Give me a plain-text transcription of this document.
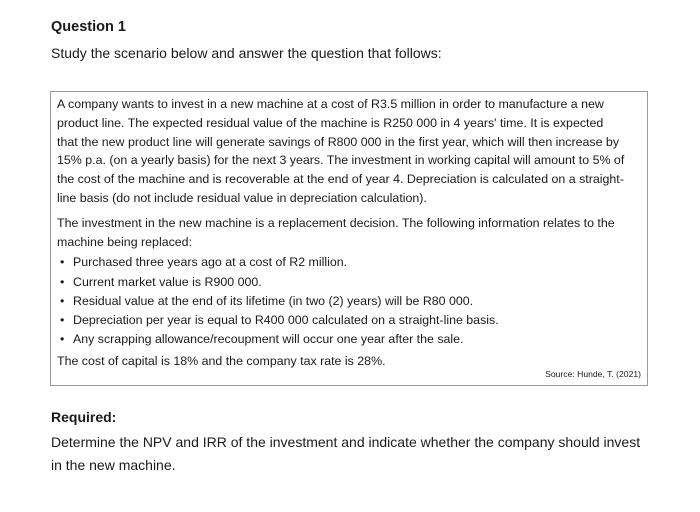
Question 1

Study the scenario below and answer the question that follows:

A company wants to invest in a new machine at a cost of R3.5 million in order to manufacture a new
product line. The expected residual value of the machine is R250 000 in 4 years' time. It is expected
that the new product line will generate savings of R800 000 in the first year, which will then increase by
15% p.a. (on a yearly basis) for the next 3 years. The investment in working capital will amount to 5% of
the cost of the machine and is recoverable at the end of year 4. Depreciation is calculated on a straight-
line basis (do not include residual value in depreciation calculation).

The investment in the new machine is a replacement decision. The following information relates to the
machine being replaced:

• Purchased three years ago at a cost of R2 million.
• Current market value is R900 000.
• Residual value at the end of its lifetime (in two (2) years) will be R80 000.
• Depreciation per year is equal to R400 000 calculated on a straight-line basis.
• Any scrapping allowance/recoupment will occur one year after the sale.

The cost of capital is 18% and the company tax rate is 28%.

Source: Hunde, T. (2021)

Required:

Determine the NPV and IRR of the investment and indicate whether the company should invest
in the new machine.
